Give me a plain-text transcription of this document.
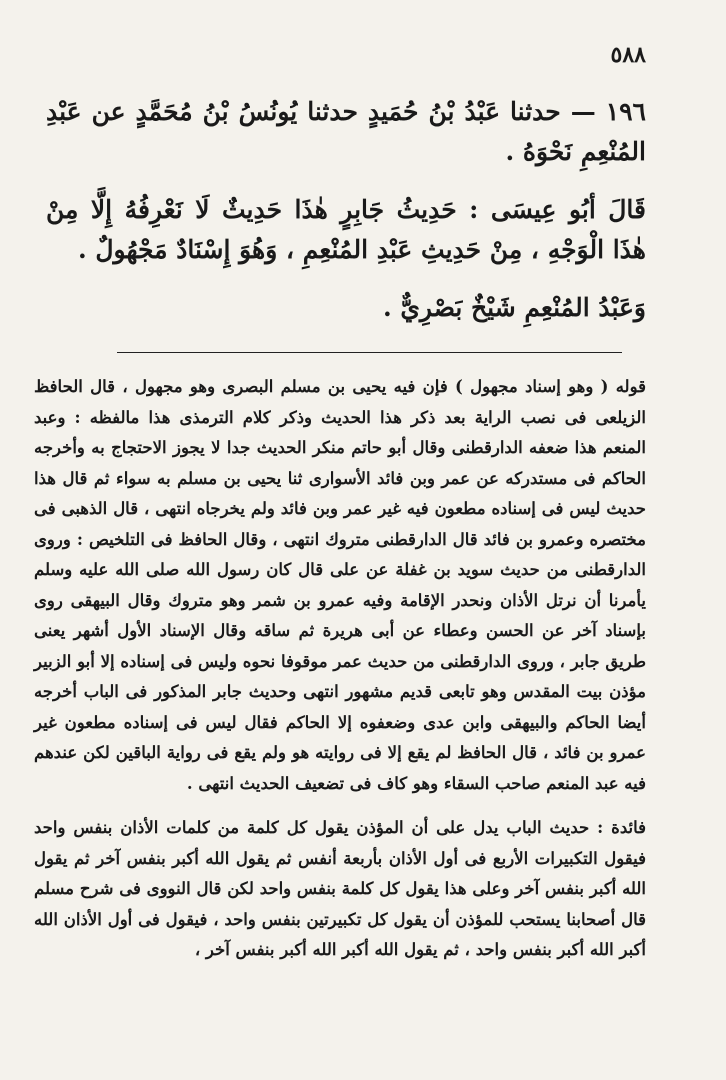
٥٨٨

١٩٦ — حدثنا عَبْدُ بْنُ حُمَيدٍ حدثنا يُونُسُ بْنُ مُحَمَّدٍ عن عَبْدِ المُنْعِمِ نَحْوَهُ .

قَالَ أبُو عِيسَى : حَدِيثُ جَابِرٍ هٰذَا حَدِيثٌ لَا نَعْرِفُهُ إِلَّا مِنْ هٰذَا الْوَجْهِ ، مِنْ حَدِيثِ عَبْدِ المُنْعِمِ ، وَهُوَ إِسْنَادٌ مَجْهُولٌ .

وَعَبْدُ المُنْعِمِ شَيْخٌ بَصْرِيٌّ .

قوله ( وهو إسناد مجهول ) فإن فيه يحيى بن مسلم البصرى وهو مجهول ، قال الحافظ الزيلعى فى نصب الراية بعد ذكر هذا الحديث وذكر كلام الترمذى هذا مالفظه : وعبد المنعم هذا ضعفه الدارقطنى وقال أبو حاتم منكر الحديث جدا لا يجوز الاحتجاج به وأخرجه الحاكم فى مستدركه عن عمر وبن فائد الأسوارى ثنا يحيى بن مسلم به سواء ثم قال هذا حديث ليس فى إسناده مطعون فيه غير عمر وبن فائد ولم يخرجاه انتهى ، قال الذهبى فى مختصره وعمرو بن فائد قال الدارقطنى متروك انتهى ، وقال الحافظ فى التلخيص : وروى الدارقطنى من حديث سويد بن غفلة عن على قال كان رسول الله صلى الله عليه وسلم يأمرنا أن نرتل الأذان ونحدر الإقامة وفيه عمرو بن شمر وهو متروك وقال البيهقى روى بإسناد آخر عن الحسن وعطاء عن أبى هريرة ثم ساقه وقال الإسناد الأول أشهر يعنى طريق جابر ، وروى الدارقطنى من حديث عمر موقوفا نحوه وليس فى إسناده إلا أبو الزبير مؤذن بيت المقدس وهو تابعى قديم مشهور انتهى وحديث جابر المذكور فى الباب أخرجه أيضا الحاكم والبيهقى وابن عدى وضعفوه إلا الحاكم فقال ليس فى إسناده مطعون غير عمرو بن فائد ، قال الحافظ لم يقع إلا فى روايته هو ولم يقع فى رواية الباقين لكن عندهم فيه عبد المنعم صاحب السقاء وهو كاف فى تضعيف الحديث انتهى .

فائدة : حديث الباب يدل على أن المؤذن يقول كل كلمة من كلمات الأذان بنفس واحد فيقول التكبيرات الأربع فى أول الأذان بأربعة أنفس ثم يقول الله أكبر بنفس آخر ثم يقول الله أكبر بنفس آخر وعلى هذا يقول كل كلمة بنفس واحد لكن قال النووى فى شرح مسلم قال أصحابنا يستحب للمؤذن أن يقول كل تكبيرتين بنفس واحد ، فيقول فى أول الأذان الله أكبر الله أكبر بنفس واحد ، ثم يقول الله أكبر الله أكبر بنفس آخر ،
